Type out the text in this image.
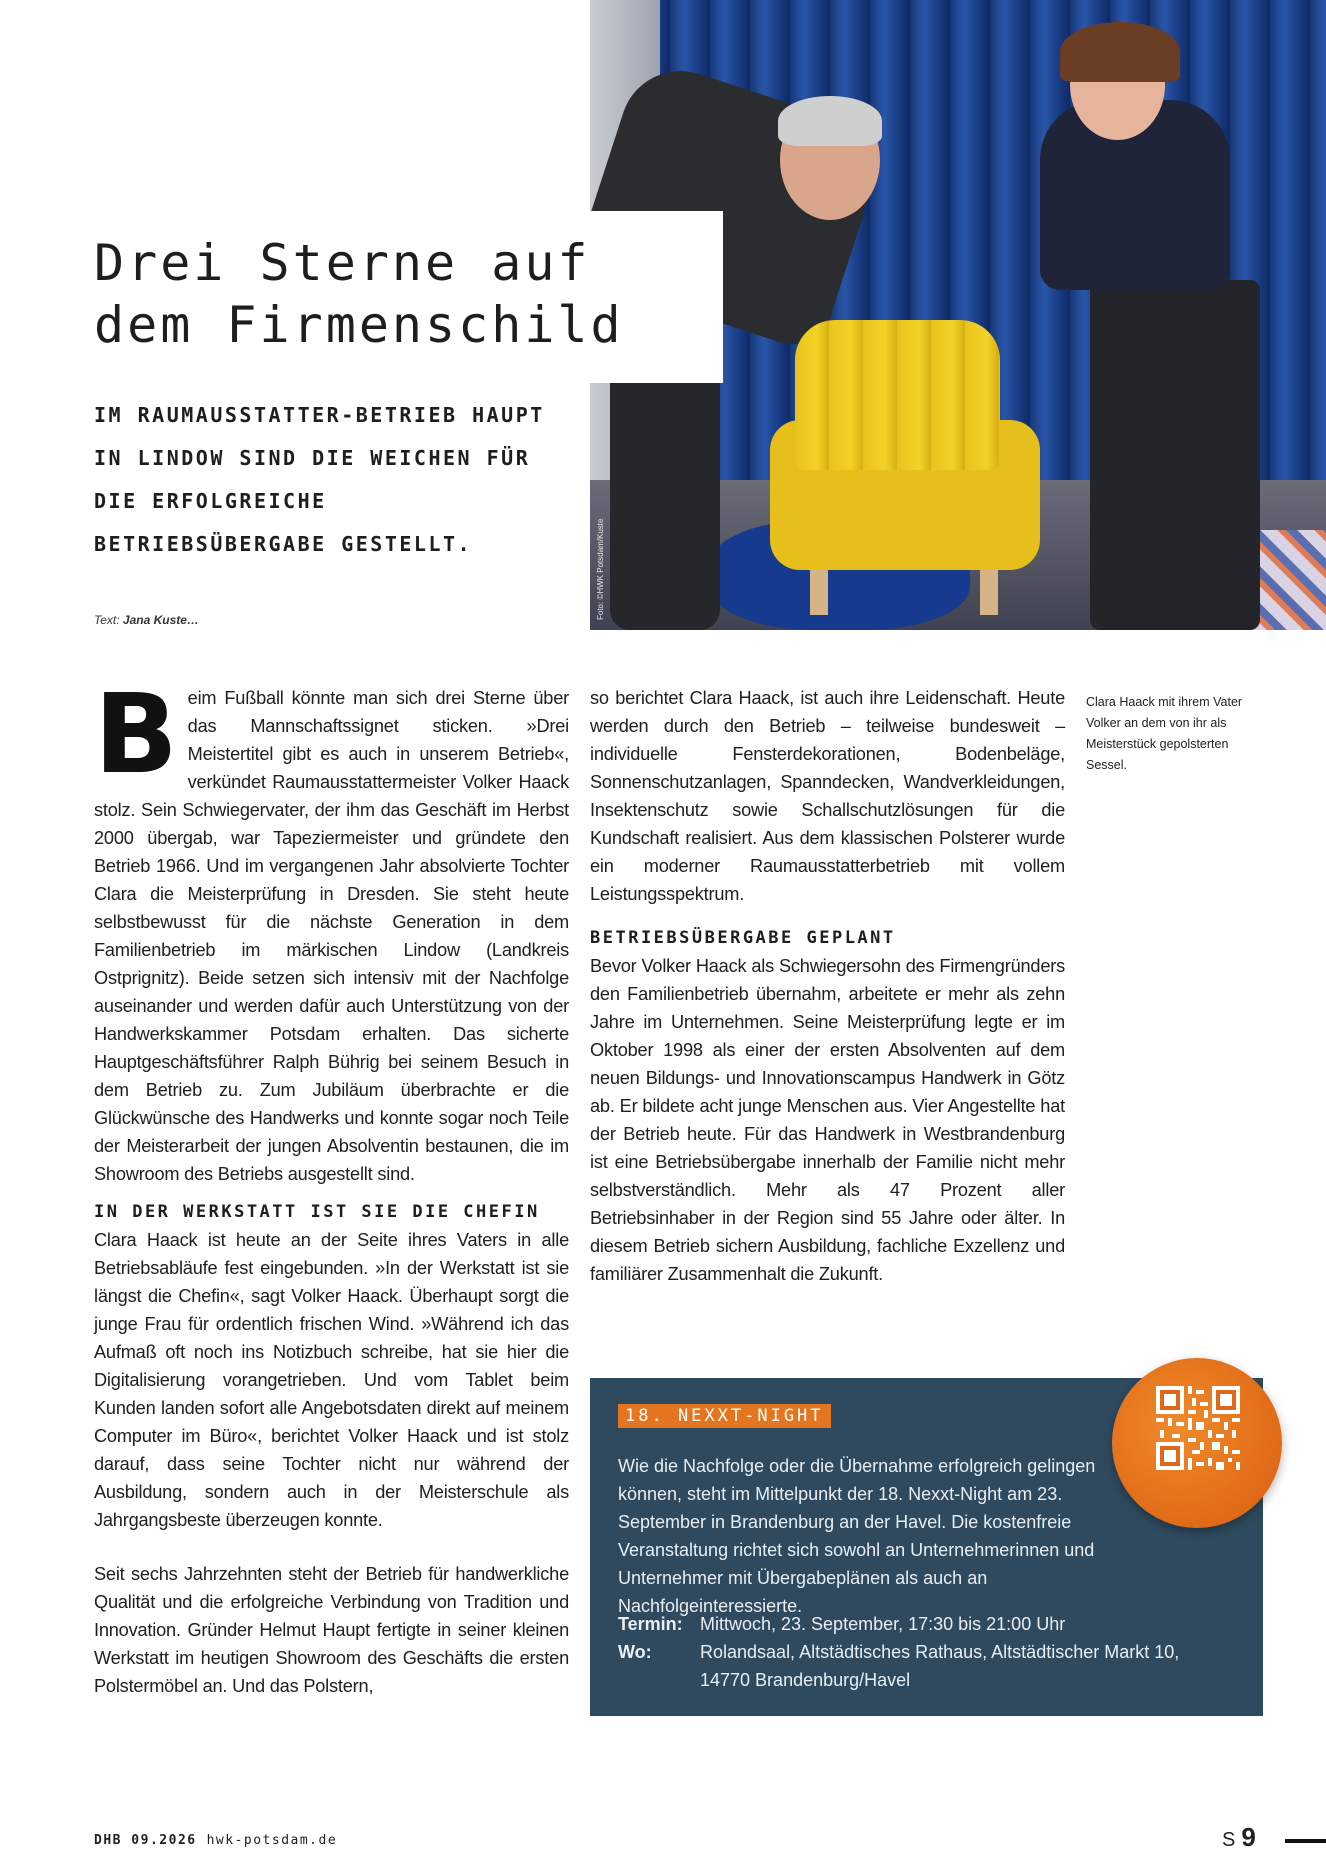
Foto: ©HWK Potsdam/Kuste
Drei Sterne auf
dem Firmenschild

IM RAUMAUSSTATTER-BETRIEB HAUPT IN LINDOW SIND DIE WEICHEN FÜR DIE ERFOLGREICHE BETRIEBSÜBERGABE GESTELLT.

Text: Jana Kuste…

Beim Fußball könnte man sich drei Sterne über das Mannschaftssignet sticken. »Drei Meistertitel gibt es auch in unserem Betrieb«, verkündet Raumausstattermeister Volker Haack stolz. Sein Schwiegervater, der ihm das Geschäft im Herbst 2000 übergab, war Tapeziermeister und gründete den Betrieb 1966. Und im vergangenen Jahr absolvierte Tochter Clara die Meisterprüfung in Dresden. Sie steht heute selbstbewusst für die nächste Generation in dem Familienbetrieb im märkischen Lindow (Landkreis Ostprignitz). Beide setzen sich intensiv mit der Nachfolge auseinander und werden dafür auch Unterstützung von der Handwerkskammer Potsdam erhalten. Das sicherte Hauptgeschäftsführer Ralph Bührig bei seinem Besuch in dem Betrieb zu. Zum Jubiläum überbrachte er die Glückwünsche des Handwerks und konnte sogar noch Teile der Meisterarbeit der jungen Absolventin bestaunen, die im Showroom des Betriebs ausgestellt sind.

IN DER WERKSTATT IST SIE DIE CHEFIN

Clara Haack ist heute an der Seite ihres Vaters in alle Betriebsabläufe fest eingebunden. »In der Werkstatt ist sie längst die Chefin«, sagt Volker Haack. Überhaupt sorgt die junge Frau für ordentlich frischen Wind. »Während ich das Aufmaß oft noch ins Notizbuch schreibe, hat sie hier die Digitalisierung vorangetrieben. Und vom Tablet beim Kunden landen sofort alle Angebotsdaten direkt auf meinem Computer im Büro«, berichtet Volker Haack und ist stolz darauf, dass seine Tochter nicht nur während der Ausbildung, sondern auch in der Meisterschule als Jahrgangsbeste überzeugen konnte.

Seit sechs Jahrzehnten steht der Betrieb für handwerkliche Qualität und die erfolgreiche Verbindung von Tradition und Innovation. Gründer Helmut Haupt fertigte in seiner kleinen Werkstatt im heutigen Showroom des Geschäfts die ersten Polstermöbel an. Und das Polstern,

so berichtet Clara Haack, ist auch ihre Leidenschaft. Heute werden durch den Betrieb – teilweise bundesweit – individuelle Fensterdekorationen, Bodenbeläge, Sonnenschutzanlagen, Spanndecken, Wandverkleidungen, Insektenschutz sowie Schallschutzlösungen für die Kundschaft realisiert. Aus dem klassischen Polsterer wurde ein moderner Raumausstatterbetrieb mit vollem Leistungsspektrum.

BETRIEBSÜBERGABE GEPLANT

Bevor Volker Haack als Schwiegersohn des Firmengründers den Familienbetrieb übernahm, arbeitete er mehr als zehn Jahre im Unternehmen. Seine Meisterprüfung legte er im Oktober 1998 als einer der ersten Absolventen auf dem neuen Bildungs- und Innovationscampus Handwerk in Götz ab. Er bildete acht junge Menschen aus. Vier Angestellte hat der Betrieb heute. Für das Handwerk in Westbrandenburg ist eine Betriebsübergabe innerhalb der Familie nicht mehr selbstverständlich. Mehr als 47 Prozent aller Betriebsinhaber in der Region sind 55 Jahre oder älter. In diesem Betrieb sichern Ausbildung, fachliche Exzellenz und familiärer Zusammenhalt die Zukunft.

Clara Haack mit ihrem Vater Volker an dem von ihr als Meisterstück gepolsterten Sessel.
18. NEXXT-NIGHT
Wie die Nachfolge oder die Übernahme erfolgreich gelingen können, steht im Mittelpunkt der 18. Nexxt-Night am 23. September in Brandenburg an der Havel. Die kostenfreie Veranstaltung richtet sich sowohl an Unternehmerinnen und Unternehmer mit Übergabeplänen als auch an Nachfolgeinteressierte.
Termin: Mittwoch, 23. September, 17:30 bis 21:00 Uhr
Wo:	Rolandsaal, Altstädtisches Rathaus, Altstädtischer Markt 10, 14770 Brandenburg/Havel
DHB 09.2026 hwk-potsdam.de	S 9
